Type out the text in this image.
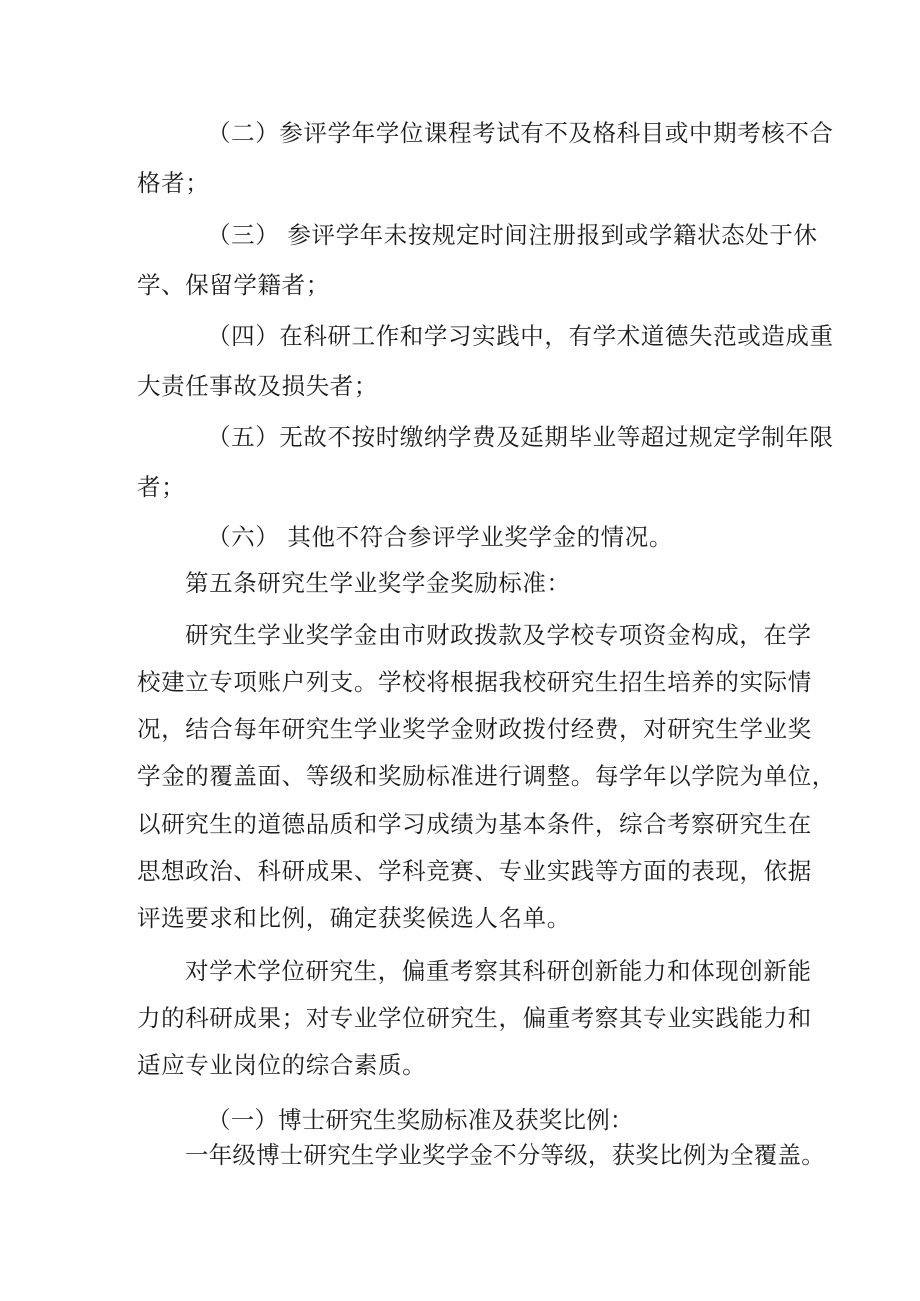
（二）参评学年学位课程考试有不及格科目或中期考核不合
格者；
（三） 参评学年未按规定时间注册报到或学籍状态处于休
学、保留学籍者；
（四）在科研工作和学习实践中，有学术道德失范或造成重
大责任事故及损失者；
（五）无故不按时缴纳学费及延期毕业等超过规定学制年限
者；
（六） 其他不符合参评学业奖学金的情况。
第五条研究生学业奖学金奖励标准：
研究生学业奖学金由市财政拨款及学校专项资金构成，在学
校建立专项账户列支。学校将根据我校研究生招生培养的实际情
况，结合每年研究生学业奖学金财政拨付经费，对研究生学业奖
学金的覆盖面、等级和奖励标准进行调整。每学年以学院为单位，
以研究生的道德品质和学习成绩为基本条件，综合考察研究生在
思想政治、科研成果、学科竞赛、专业实践等方面的表现，依据
评选要求和比例，确定获奖候选人名单。
对学术学位研究生，偏重考察其科研创新能力和体现创新能
力的科研成果；对专业学位研究生，偏重考察其专业实践能力和
适应专业岗位的综合素质。
（一）博士研究生奖励标准及获奖比例：
一年级博士研究生学业奖学金不分等级，获奖比例为全覆盖。
